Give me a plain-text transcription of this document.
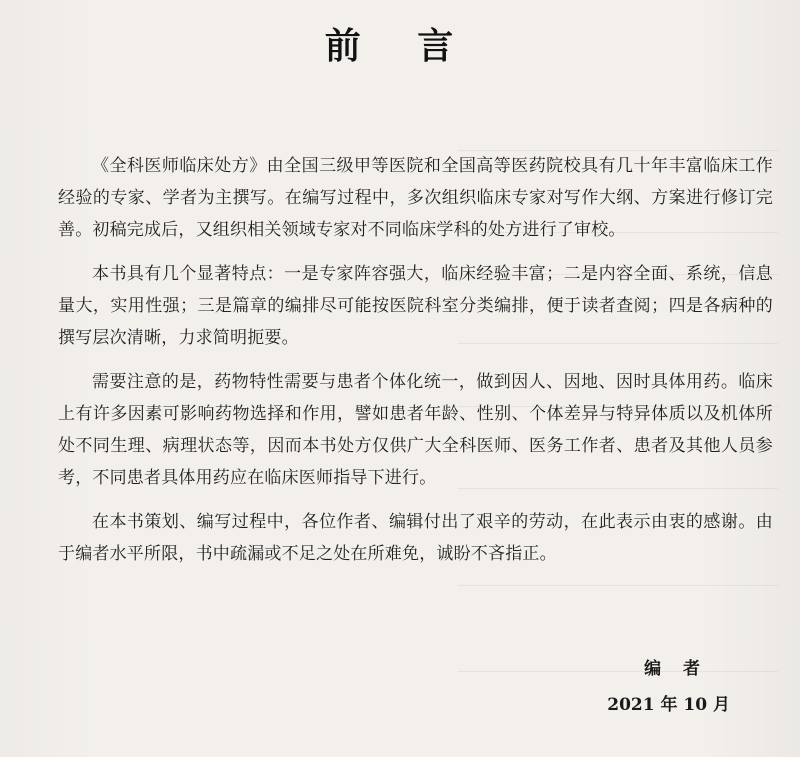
前 言

《全科医师临床处方》由全国三级甲等医院和全国高等医药院校具有几十年丰富临床工作经验的专家、学者为主撰写。在编写过程中，多次组织临床专家对写作大纲、方案进行修订完善。初稿完成后，又组织相关领域专家对不同临床学科的处方进行了审校。

本书具有几个显著特点：一是专家阵容强大，临床经验丰富；二是内容全面、系统，信息量大，实用性强；三是篇章的编排尽可能按医院科室分类编排，便于读者查阅；四是各病种的撰写层次清晰，力求简明扼要。

需要注意的是，药物特性需要与患者个体化统一，做到因人、因地、因时具体用药。临床上有许多因素可影响药物选择和作用，譬如患者年龄、性别、个体差异与特异体质以及机体所处不同生理、病理状态等，因而本书处方仅供广大全科医师、医务工作者、患者及其他人员参考，不同患者具体用药应在临床医师指导下进行。

在本书策划、编写过程中，各位作者、编辑付出了艰辛的劳动，在此表示由衷的感谢。由于编者水平所限，书中疏漏或不足之处在所难免，诚盼不吝指正。

编 者
2021 年 10 月
